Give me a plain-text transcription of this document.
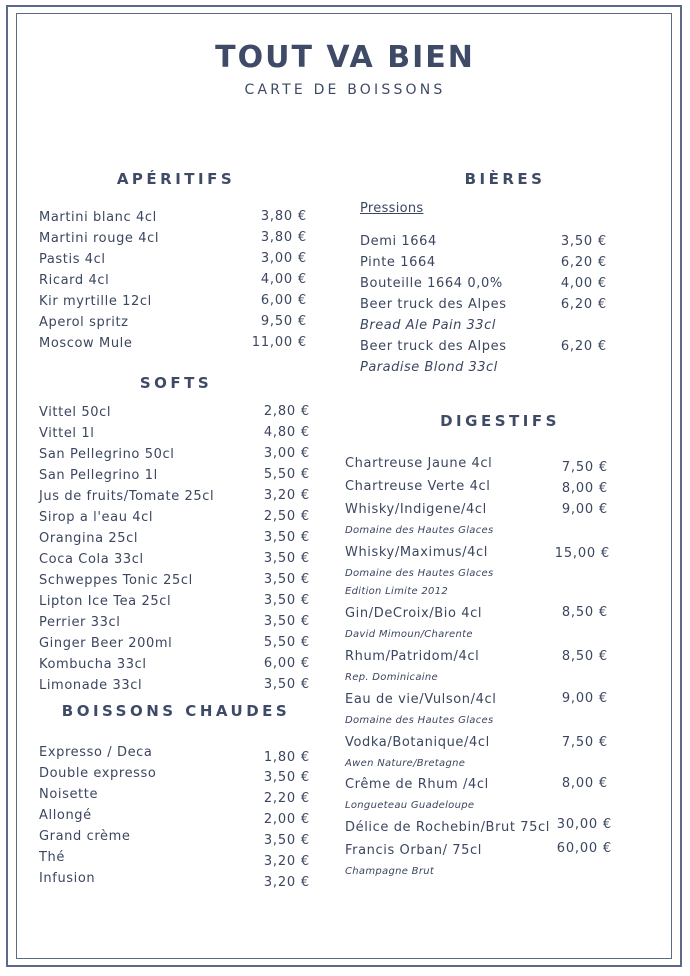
TOUT VA BIEN
CARTE DE BOISSONS
APÉRITIFS
Martini blanc 4cl	3,80 €
Martini rouge 4cl	3,80 €
Pastis 4cl	3,00 €
Ricard 4cl	4,00 €
Kir myrtille 12cl	6,00 €
Aperol spritz	9,50 €
Moscow Mule	11,00 €
SOFTS
Vittel 50cl	2,80 €
Vittel 1l	4,80 €
San Pellegrino 50cl	3,00 €
San Pellegrino 1l	5,50 €
Jus de fruits/Tomate 25cl	3,20 €
Sirop a l'eau 4cl	2,50 €
Orangina 25cl	3,50 €
Coca Cola 33cl	3,50 €
Schweppes Tonic 25cl	3,50 €
Lipton Ice Tea 25cl	3,50 €
Perrier 33cl	3,50 €
Ginger Beer 200ml	5,50 €
Kombucha 33cl	6,00 €
Limonade 33cl	3,50 €
BOISSONS CHAUDES
Expresso / Deca	1,80 €
Double expresso	3,50 €
Noisette	2,20 €
Allongé	2,00 €
Grand crème	3,50 €
Thé	3,20 €
Infusion	3,20 €
BIÈRES
Pressions
Demi 1664	3,50 €
Pinte 1664	6,20 €
Bouteille 1664 0,0%	4,00 €
Beer truck des Alpes	6,20 €
Bread Ale Pain 33cl
Beer truck des Alpes	6,20 €
Paradise Blond 33cl
DIGESTIFS
Chartreuse Jaune 4cl	7,50 €
Chartreuse Verte 4cl	8,00 €
Whisky/Indigene/4cl	9,00 €
Domaine des Hautes Glaces
Whisky/Maximus/4cl	15,00 €
Domaine des Hautes Glaces
Edition Limite 2012
Gin/DeCroix/Bio 4cl	8,50 €
David Mimoun/Charente
Rhum/Patridom/4cl	8,50 €
Rep. Dominicaine
Eau de vie/Vulson/4cl	9,00 €
Domaine des Hautes Glaces
Vodka/Botanique/4cl	7,50 €
Awen Nature/Bretagne
Crême de Rhum /4cl	8,00 €
Longueteau Guadeloupe
Délice de Rochebin/Brut 75cl 30,00 €
Francis Orban/ 75cl	60,00 €
Champagne Brut
